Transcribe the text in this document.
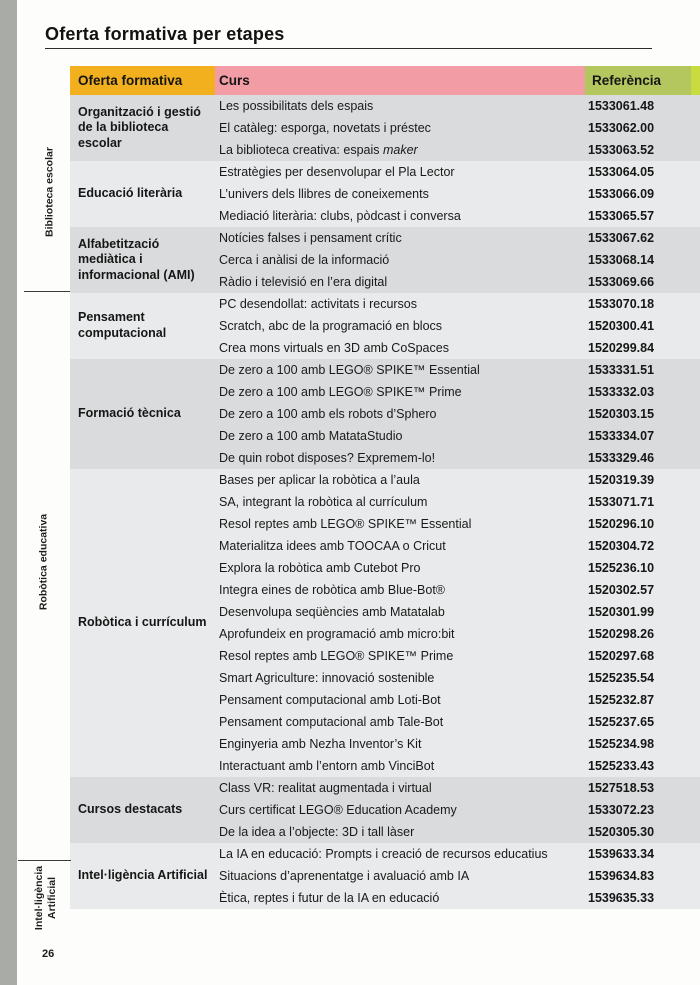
Oferta formativa per etapes
Oferta formativa	Curs	Referència
Organització i gestió de la biblioteca escolar
Les possibilitats dels espais	1533061.48
El catàleg: esporga, novetats i préstec	1533062.00
La biblioteca creativa: espais maker	1533063.52
Educació literària
Estratègies per desenvolupar el Pla Lector	1533064.05
L’univers dels llibres de coneixements	1533066.09
Mediació literària: clubs, pòdcast i conversa	1533065.57
Alfabetització mediàtica i informacional (AMI)
Notícies falses i pensament crític	1533067.62
Cerca i anàlisi de la informació	1533068.14
Ràdio i televisió en l’era digital	1533069.66
Pensament computacional
PC desendollat: activitats i recursos	1533070.18
Scratch, abc de la programació en blocs	1520300.41
Crea mons virtuals en 3D amb CoSpaces	1520299.84
Formació tècnica
De zero a 100 amb LEGO® SPIKE™ Essential	1533331.51
De zero a 100 amb LEGO® SPIKE™ Prime	1533332.03
De zero a 100 amb els robots d’Sphero	1520303.15
De zero a 100 amb MatataStudio	1533334.07
De quin robot disposes? Expremem-lo!	1533329.46
Robòtica i currículum
Bases per aplicar la robòtica a l’aula	1520319.39
SA, integrant la robòtica al currículum	1533071.71
Resol reptes amb LEGO® SPIKE™ Essential	1520296.10
Materialitza idees amb TOOCAA o Cricut	1520304.72
Explora la robòtica amb Cutebot Pro	1525236.10
Integra eines de robòtica amb Blue-Bot®	1520302.57
Desenvolupa seqüències amb Matatalab	1520301.99
Aprofundeix en programació amb micro:bit	1520298.26
Resol reptes amb LEGO® SPIKE™ Prime	1520297.68
Smart Agriculture: innovació sostenible	1525235.54
Pensament computacional amb Loti-Bot	1525232.87
Pensament computacional amb Tale-Bot	1525237.65
Enginyeria amb Nezha Inventor’s Kit	1525234.98
Interactuant amb l’entorn amb VinciBot	1525233.43
Cursos destacats
Class VR: realitat augmentada i virtual	1527518.53
Curs certificat LEGO® Education Academy	1533072.23
De la idea a l’objecte: 3D i tall làser	1520305.30
Intel·ligència Artificial
La IA en educació: Prompts i creació de recursos educatius	1539633.34
Situacions d’aprenentatge i avaluació amb IA	1539634.83
Ètica, reptes i futur de la IA en educació	1539635.33
Biblioteca escolar
Robòtica educativa
Intel·ligència Artificial
26
